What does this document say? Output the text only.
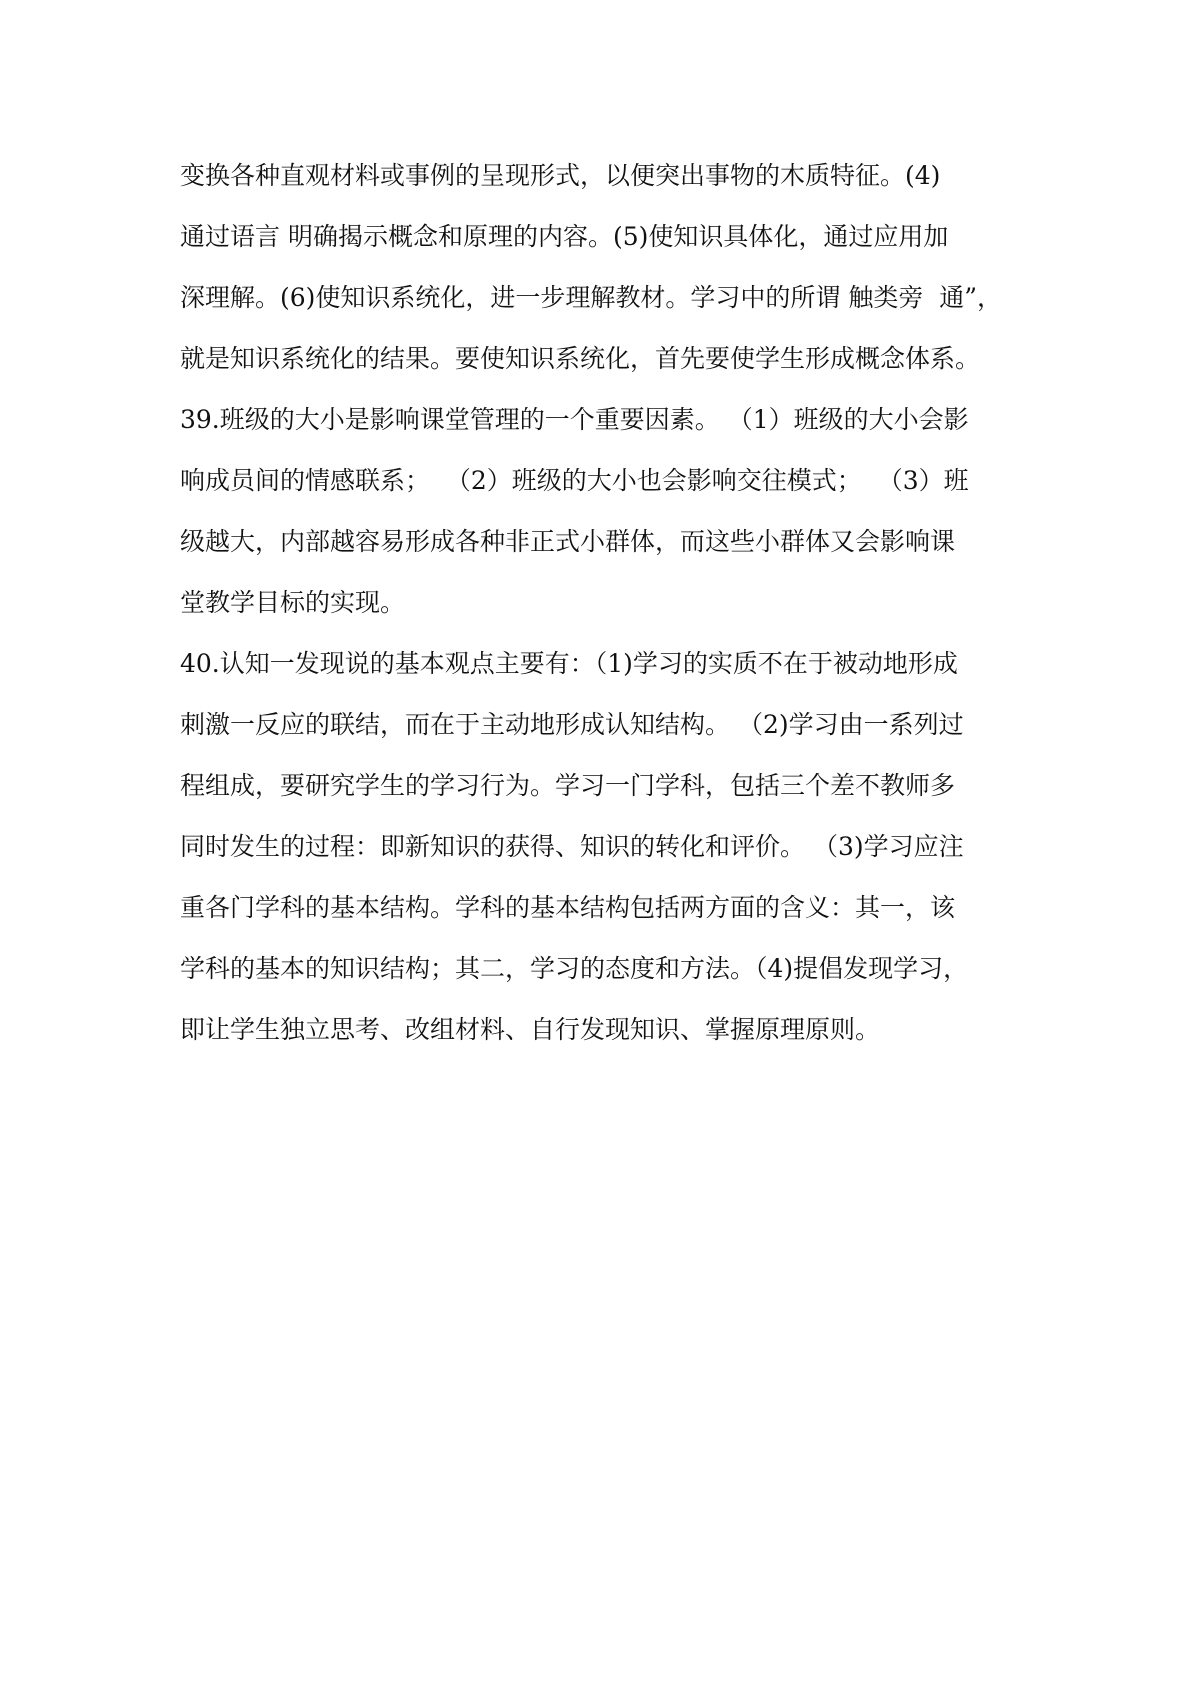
变换各种直观材料或事例的呈现形式，以便突出事物的木质特征。(4)
通过语言 明确揭示概念和原理的内容。(5)使知识具体化，通过应用加
深理解。(6)使知识系统化，进一步理解教材。学习中的所谓 触类旁  通”，
就是知识系统化的结果。要使知识系统化，首先要使学生形成概念体系。
39.班级的大小是影响课堂管理的一个重要因素。 （1）班级的大小会影
响成员间的情感联系；  （2）班级的大小也会影响交往模式；  （3）班
级越大，内部越容易形成各种非正式小群体，而这些小群体又会影响课
堂教学目标的实现。
40.认知一发现说的基本观点主要有：（1)学习的实质不在于被动地形成
刺激一反应的联结，而在于主动地形成认知结构。 （2)学习由一系列过
程组成，要研究学生的学习行为。学习一门学科，包括三个差不教师多
同时发生的过程：即新知识的获得、知识的转化和评价。 （3)学习应注
重各门学科的基本结构。学科的基本结构包括两方面的含义：其一，该
学科的基本的知识结构；其二，学习的态度和方法。（4)提倡发现学习，
即让学生独立思考、改组材料、自行发现知识、掌握原理原则。
